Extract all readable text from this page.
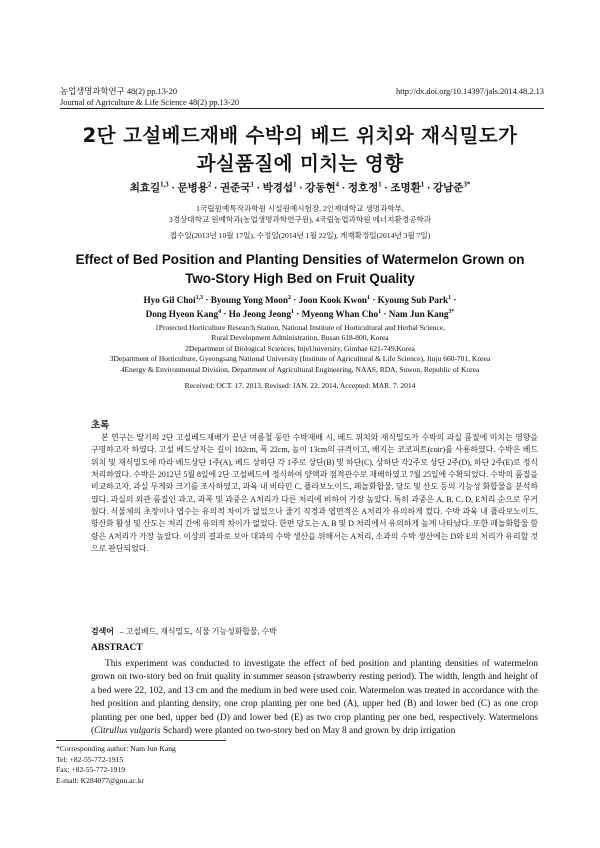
농업생명과학연구 48(2) pp.13-20	http://dx.doi.org/10.14397/jals.2014.48.2.13
Journal of Agriculture & Life Science 48(2) pp.13-20
2단 고설베드재배 수박의 베드 위치와 재식밀도가
과실품질에 미치는 영향
최효길$^{1,3}$ · 문병용$^2$ · 권준국$^1$ · 박경섭$^1$ · 강동현$^4$ · 정호정$^1$ · 조명환$^1$ · 강남준$^{3*}$
1국립원예특작과학원 시설원예시험장, 2인제대학교 생명과학부,
3경상대학교 원예학과(농업생명과학연구원), 4국립농업과학원 에너지환경공학과
접수일(2013년 10월 17일), 수정일(2014년 1월 22일), 게재확정일(2014년 3월 7일)
Effect of Bed Position and Planting Densities of Watermelon Grown on
Two-Story High Bed on Fruit Quality
Hyo Gil Choi$^{1,3}$ · Byoung Yong Moon$^2$ · Joon Kook Kwon$^1$ · Kyoung Sub Park$^1$ ·
Dong Hyeon Kang$^4$ · Ho Jeong Jeong$^1$ · Myeong Whan Cho$^1$ · Nam Jun Kang$^{3*}$
1Protected Horticulture Research Station, National Institute of Horticultural and Herbal Science,
Rural Development Administration, Busan 618-800, Korea
2Department of Biological Sciences, InjeUniversity, Gimhae 621-749,Korea
3Department of Horticulture, Gyeongsang National University (Institute of Agricultural & Life Science), Jinju 660-701, Korea
4Energy & Environmental Division, Department of Agricultural Engineering, NAAS, RDA, Suwon, Republic of Korea
Received: OCT. 17. 2013, Revised: JAN. 22. 2014, Accepted: MAR. 7. 2014
초록
본 연구는 딸기의 2단 고설베드재배가 끝난 여름철 동안 수박재배 시, 베드 위치와 재식밀도가 수박의 과실 품질에 미치는 영향을 구명하고자 하였다. 고설 베드상자는 길이 102cm, 폭 22cm, 높이 13cm의 규격이고, 배지는 코코피트(coir)를 사용하였다. 수박은 베드 위치 및 재식밀도에 따라 베드상단 1주(A), 베드 상하단 각 1주로 상단(B) 및 하단(C), 상하단 각2주로 상단 2주(D), 하단 2주(E)로 정식 처리하였다. 수박은 2012년 5월 8일에 2단 고설베드에 정식하여 양액과 점적관수로 재배하였고 7월 25일에 수확되었다. 수박의 품질을 비교하고자, 과실 무게와 크기를 조사하였고, 과육 내 비타민 C, 플라보노이드, 페놀화합물, 당도 및 산도 등의 기능성 화합물을 분석하였다. 과실의 외관 품질인 과고, 과폭 및 과중은 A처리가 다른 처리에 비하여 가장 높았다. 특히 과중은 A, B, C, D, E처리 순으로 무거웠다. 식물체의 초장이나 엽수는 유의적 차이가 없었으나 줄기 직경과 엽면적은 A처리가 유의하게 컸다. 수박 과육 내 플라보노이드, 항산화 활성 및 산도는 처리 간에 유의적 차이가 없었다. 한편 당도는 A, B 및 D 처리에서 유의하게 높게 나타났다. 또한 페놀화합물 함량은 A처리가 가장 높았다. 이상의 결과로 보아 대과의 수박 생산을 위해서는 A처리, 소과의 수박 생산에는 D와 E의 처리가 유리할 것으로 판단되었다.
검색어 – 고설베드, 재식밀도, 식물 기능성화합물, 수박
ABSTRACT
This experiment was conducted to investigate the effect of bed position and planting densities of watermelon grown on two-story bed on fruit quality in summer season (strawberry resting period). The width, length and height of a bed were 22, 102, and 13 cm and the medium in bed were used coir. Watermelon was treated in accordance with the bed position and planting density, one crop planting per one bed (A), upper bed (B) and lower bed (C) as one crop planting per one bed, upper bed (D) and lower bed (E) as two crop planting per one bed, respectively. Watermelons (Citrullus vulgaris Schard) were planted on two-story bed on May 8 and grown by drip irrigation
*Corresponding author: Nam Jun Kang
Tel: +82-55-772-1915
Fax: +82-55-772-1919
E-mail: K284077@gnu.ac.kr
